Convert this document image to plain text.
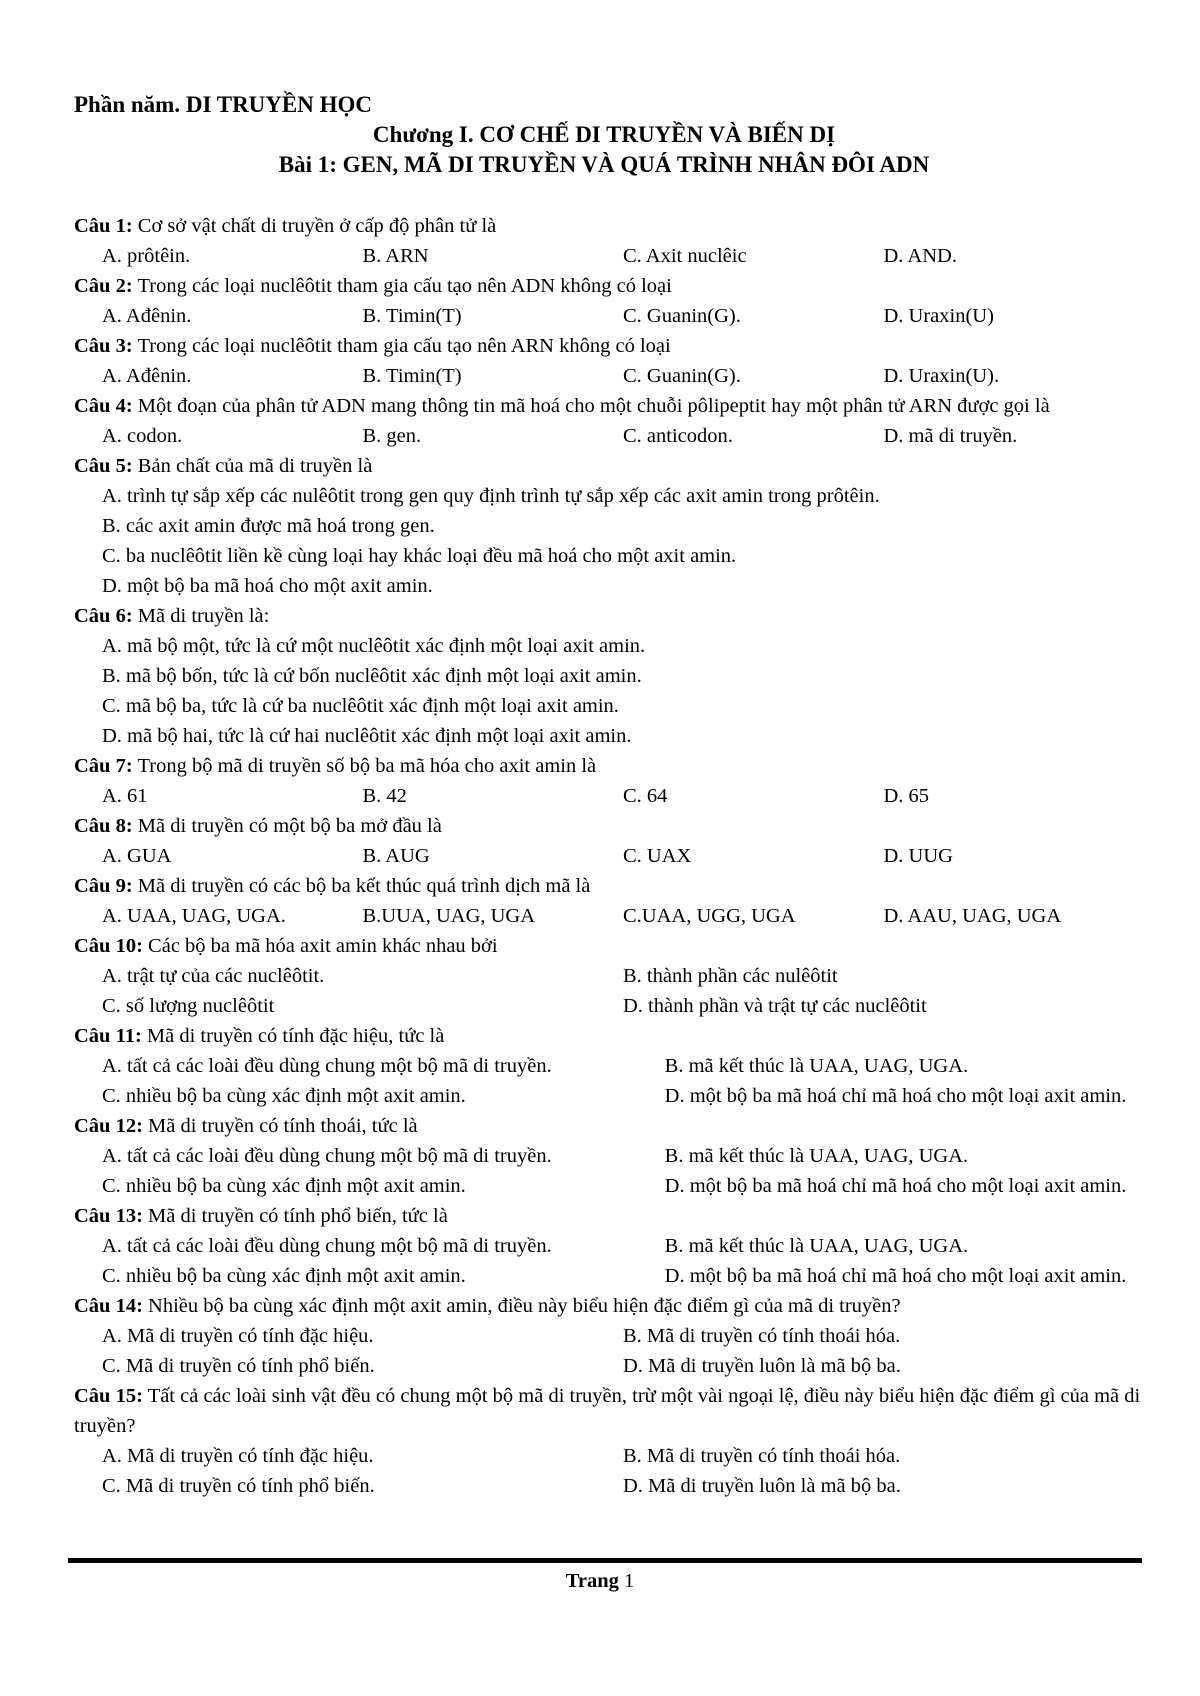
Phần năm. DI TRUYỀN HỌC

Chương I. CƠ CHẾ DI TRUYỀN VÀ BIẾN DỊ

Bài 1: GEN, MÃ DI TRUYỀN VÀ QUÁ TRÌNH NHÂN ĐÔI ADN

Câu 1: Cơ sở vật chất di truyền ở cấp độ phân tử là

A. prôtêin.	B. ARN	C. Axit nuclêic	D. AND.

Câu 2: Trong các loại nuclêôtit tham gia cấu tạo nên ADN không có loại

A. Ađênin.	B. Timin(T)	C. Guanin(G).	D. Uraxin(U)

Câu 3: Trong các loại nuclêôtit tham gia cấu tạo nên ARN không có loại

A. Ađênin.	B. Timin(T)	C. Guanin(G).	D. Uraxin(U).

Câu 4: Một đoạn của phân tử ADN mang thông tin mã hoá cho một chuỗi pôlipeptit hay một phân tử ARN được gọi là

A. codon.	B. gen.	C. anticodon.	D. mã di truyền.

Câu 5: Bản chất của mã di truyền là

A. trình tự sắp xếp các nulêôtit trong gen quy định trình tự sắp xếp các axit amin trong prôtêin.
B. các axit amin được mã hoá trong gen.
C. ba nuclêôtit liền kề cùng loại hay khác loại đều mã hoá cho một axit amin.
D. một bộ ba mã hoá cho một axit amin.

Câu 6: Mã di truyền là:

A. mã bộ một, tức là cứ một nuclêôtit xác định một loại axit amin.
B. mã bộ bốn, tức là cứ bốn nuclêôtit xác định một loại axit amin.
C. mã bộ ba, tức là cứ ba nuclêôtit xác định một loại axit amin.
D. mã bộ hai, tức là cứ hai nuclêôtit xác định một loại axit amin.

Câu 7: Trong bộ mã di truyền số bộ ba mã hóa cho axit amin là

A. 61	B. 42	C. 64	D. 65

Câu 8: Mã di truyền có một bộ ba mở đầu là

A. GUA	B. AUG	C. UAX	D. UUG

Câu 9: Mã di truyền có các bộ ba kết thúc quá trình dịch mã là

A. UAA, UAG, UGA.	B.UUA, UAG, UGA	C.UAA, UGG, UGA	D. AAU, UAG, UGA

Câu 10: Các bộ ba mã hóa axit amin khác nhau bởi

A. trật tự của các nuclêôtit.	B. thành phần các nulêôtit
C. số lượng nuclêôtit	D. thành phần và trật tự các nuclêôtit

Câu 11: Mã di truyền có tính đặc hiệu, tức là

A. tất cả các loài đều dùng chung một bộ mã di truyền.	B. mã kết thúc là UAA, UAG, UGA.
C. nhiều bộ ba cùng xác định một axit amin.	D. một bộ ba mã hoá chỉ mã hoá cho một loại axit amin.

Câu 12: Mã di truyền có tính thoái, tức là

A. tất cả các loài đều dùng chung một bộ mã di truyền.	B. mã kết thúc là UAA, UAG, UGA.
C. nhiều bộ ba cùng xác định một axit amin.	D. một bộ ba mã hoá chỉ mã hoá cho một loại axit amin.

Câu 13: Mã di truyền có tính phổ biến, tức là

A. tất cả các loài đều dùng chung một bộ mã di truyền.	B. mã kết thúc là UAA, UAG, UGA.
C. nhiều bộ ba cùng xác định một axit amin.	D. một bộ ba mã hoá chỉ mã hoá cho một loại axit amin.

Câu 14: Nhiều bộ ba cùng xác định một axit amin, điều này biểu hiện đặc điểm gì của mã di truyền?

A. Mã di truyền có tính đặc hiệu.	B. Mã di truyền có tính thoái hóa.
C. Mã di truyền có tính phổ biến.	D. Mã di truyền luôn là mã bộ ba.

Câu 15: Tất cả các loài sinh vật đều có chung một bộ mã di truyền, trừ một vài ngoại lệ, điều này biểu hiện đặc điểm gì của mã di truyền?

A. Mã di truyền có tính đặc hiệu.	B. Mã di truyền có tính thoái hóa.
C. Mã di truyền có tính phổ biến.	D. Mã di truyền luôn là mã bộ ba.
Trang 1
